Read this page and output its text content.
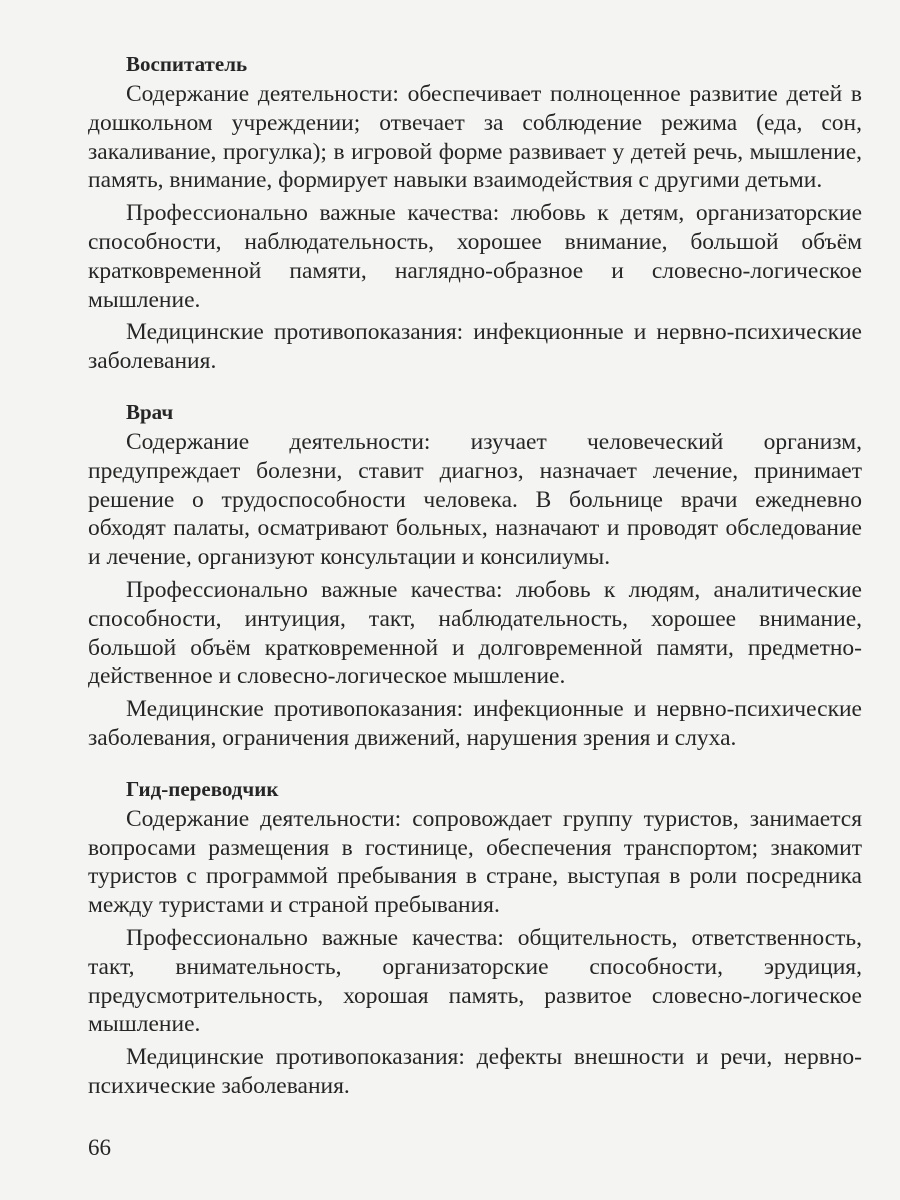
Воспитатель

Содержание деятельности: обеспечивает полноценное развитие детей в дошкольном учреждении; отвечает за соблюдение режима (еда, сон, закаливание, прогулка); в игровой форме развивает у детей речь, мышление, память, внимание, формирует навыки взаимодействия с другими детьми.

Профессионально важные качества: любовь к детям, организаторские способности, наблюдательность, хорошее внимание, большой объём кратковременной памяти, наглядно-образное и словесно-логическое мышление.

Медицинские противопоказания: инфекционные и нервно-психические заболевания.

Врач

Содержание деятельности: изучает человеческий организм, предупреждает болезни, ставит диагноз, назначает лечение, принимает решение о трудоспособности человека. В больнице врачи ежедневно обходят палаты, осматривают больных, назначают и проводят обследование и лечение, организуют консультации и консилиумы.

Профессионально важные качества: любовь к людям, аналитические способности, интуиция, такт, наблюдательность, хорошее внимание, большой объём кратковременной и долговременной памяти, предметно-действенное и словесно-логическое мышление.

Медицинские противопоказания: инфекционные и нервно-психические заболевания, ограничения движений, нарушения зрения и слуха.

Гид-переводчик

Содержание деятельности: сопровождает группу туристов, занимается вопросами размещения в гостинице, обеспечения транспортом; знакомит туристов с программой пребывания в стране, выступая в роли посредника между туристами и страной пребывания.

Профессионально важные качества: общительность, ответственность, такт, внимательность, организаторские способности, эрудиция, предусмотрительность, хорошая память, развитое словесно-логическое мышление.

Медицинские противопоказания: дефекты внешности и речи, нервно-психические заболевания.

66
